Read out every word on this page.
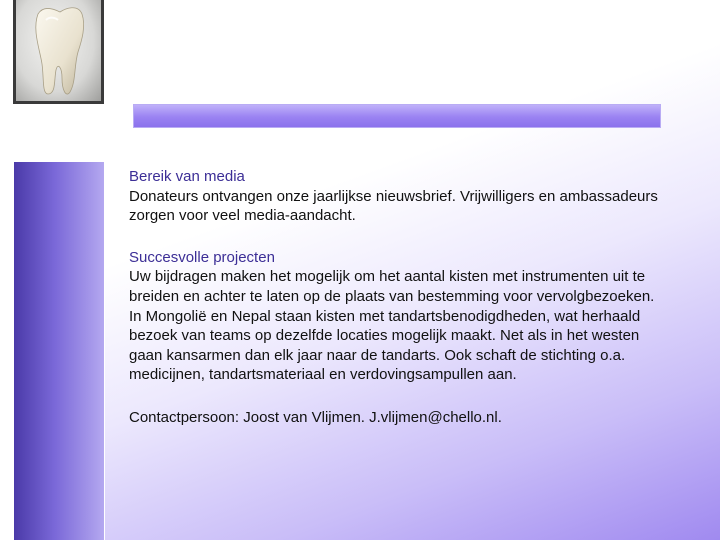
Bereik van media

Donateurs ontvangen onze jaarlijkse nieuwsbrief. Vrijwilligers en ambassadeurs zorgen voor veel media-aandacht.

Succesvolle projecten

Uw bijdragen maken het mogelijk om het aantal kisten met instrumenten uit te breiden en achter te laten op de plaats van bestemming voor vervolgbezoeken. In Mongolië en Nepal staan kisten met tandartsbenodigdheden, wat herhaald bezoek van teams op dezelfde locaties mogelijk maakt. Net als in het westen gaan kansarmen dan elk jaar naar de tandarts. Ook schaft de stichting o.a. medicijnen, tandartsmateriaal en verdovingsampullen aan.

Contactpersoon: Joost van Vlijmen. J.vlijmen@chello.nl.
